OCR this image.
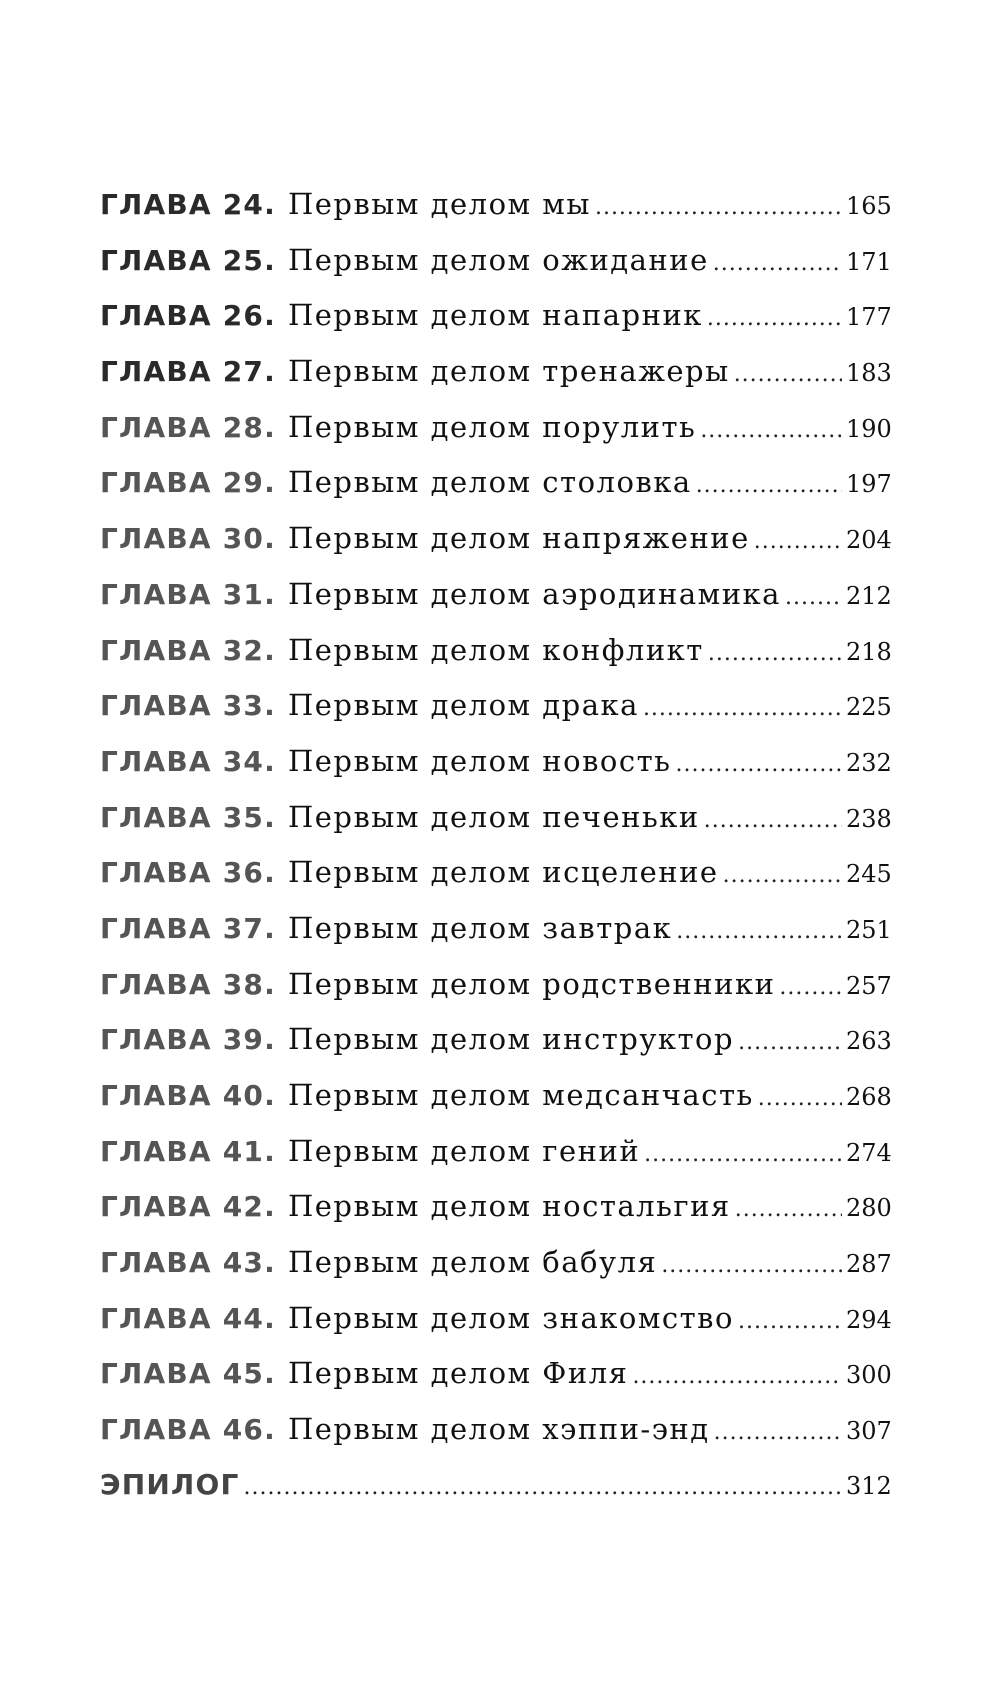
ГЛАВА 24. Первым делом мы .....	165
ГЛАВА 25. Первым делом ожидание .....	171
ГЛАВА 26. Первым делом напарник .....	177
ГЛАВА 27. Первым делом тренажеры .....	183
ГЛАВА 28. Первым делом порулить .....	190
ГЛАВА 29. Первым делом столовка .....	197
ГЛАВА 30. Первым делом напряжение .....	204
ГЛАВА 31. Первым делом аэродинамика .....	212
ГЛАВА 32. Первым делом конфликт .....	218
ГЛАВА 33. Первым делом драка .....	225
ГЛАВА 34. Первым делом новость .....	232
ГЛАВА 35. Первым делом печеньки .....	238
ГЛАВА 36. Первым делом исцеление .....	245
ГЛАВА 37. Первым делом завтрак .....	251
ГЛАВА 38. Первым делом родственники .....	257
ГЛАВА 39. Первым делом инструктор .....	263
ГЛАВА 40. Первым делом медсанчасть .....	268
ГЛАВА 41. Первым делом гений .....	274
ГЛАВА 42. Первым делом ностальгия .....	280
ГЛАВА 43. Первым делом бабуля .....	287
ГЛАВА 44. Первым делом знакомство .....	294
ГЛАВА 45. Первым делом Филя .....	300
ГЛАВА 46. Первым делом хэппи-энд .....	307
ЭПИЛОГ .....	312
